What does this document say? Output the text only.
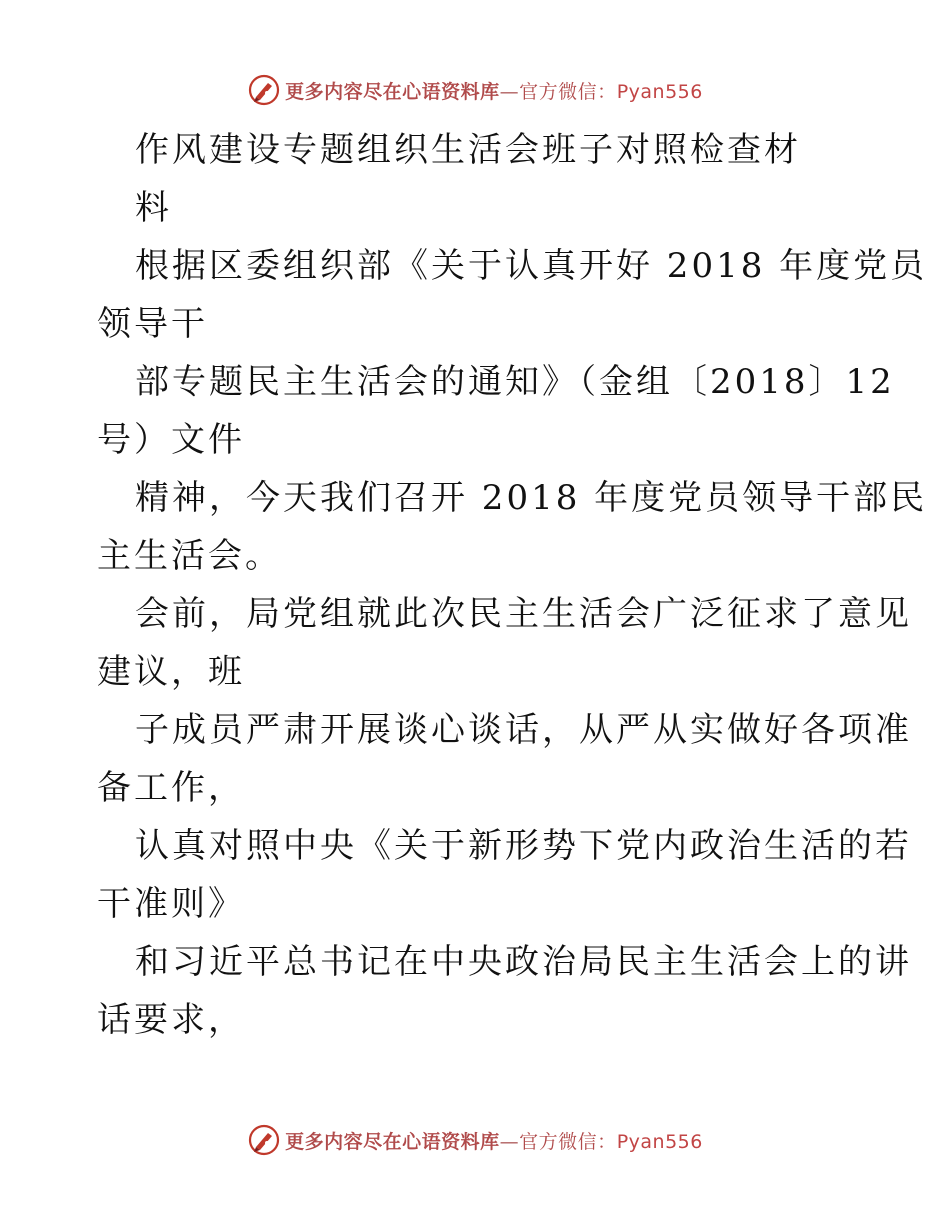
更多内容尽在心语资料库—官方微信：Pyan556
作风建设专题组织生活会班子对照检查材
料
根据区委组织部《关于认真开好 2018 年度党员
领导干
部专题民主生活会的通知》（金组〔2018〕12
号）文件
精神，今天我们召开 2018 年度党员领导干部民
主生活会。
会前，局党组就此次民主生活会广泛征求了意见
建议，班
子成员严肃开展谈心谈话，从严从实做好各项准
备工作，
认真对照中央《关于新形势下党内政治生活的若
干准则》
和习近平总书记在中央政治局民主生活会上的讲
话要求，
更多内容尽在心语资料库—官方微信：Pyan556
